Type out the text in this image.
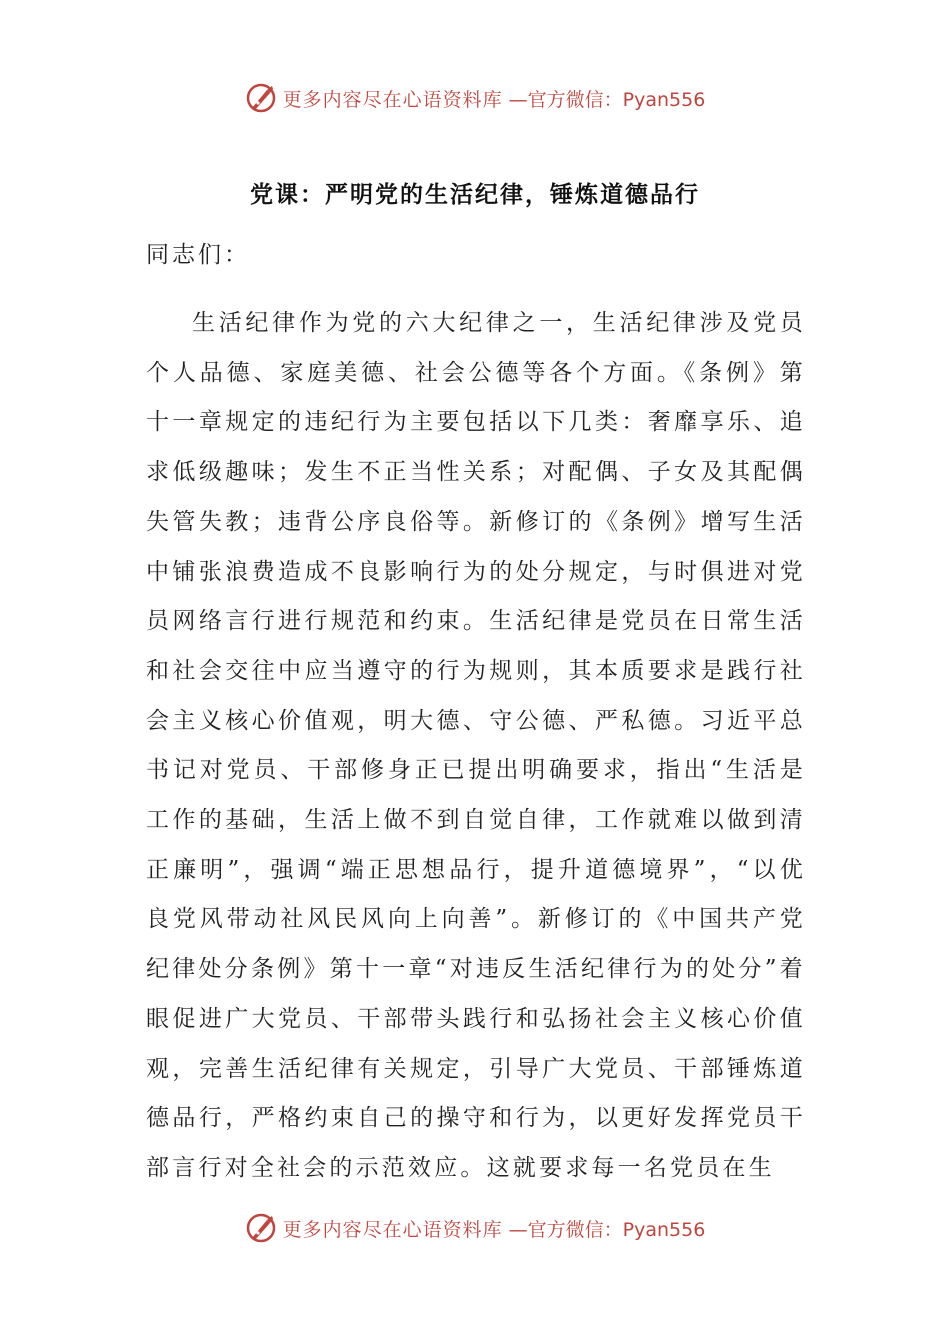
更多内容尽在心语资料库 —官方微信：Pyan556
党课：严明党的生活纪律，锤炼道德品行
同志们：

生活纪律作为党的六大纪律之一，生活纪律涉及党员个人品德、家庭美德、社会公德等各个方面。《条例》第十一章规定的违纪行为主要包括以下几类：奢靡享乐、追求低级趣味；发生不正当性关系；对配偶、子女及其配偶失管失教；违背公序良俗等。新修订的《条例》增写生活中铺张浪费造成不良影响行为的处分规定，与时俱进对党员网络言行进行规范和约束。生活纪律是党员在日常生活和社会交往中应当遵守的行为规则，其本质要求是践行社会主义核心价值观，明大德、守公德、严私德。习近平总书记对党员、干部修身正已提出明确要求，指出“生活是工作的基础，生活上做不到自觉自律，工作就难以做到清正廉明”，强调“端正思想品行，提升道德境界”，“以优良党风带动社风民风向上向善”。新修订的《中国共产党纪律处分条例》第十一章“对违反生活纪律行为的处分”着眼促进广大党员、干部带头践行和弘扬社会主义核心价值观，完善生活纪律有关规定，引导广大党员、干部锤炼道德品行，严格约束自己的操守和行为，以更好发挥党员干部言行对全社会的示范效应。这就要求每一名党员在生

更多内容尽在心语资料库 —官方微信：Pyan556
